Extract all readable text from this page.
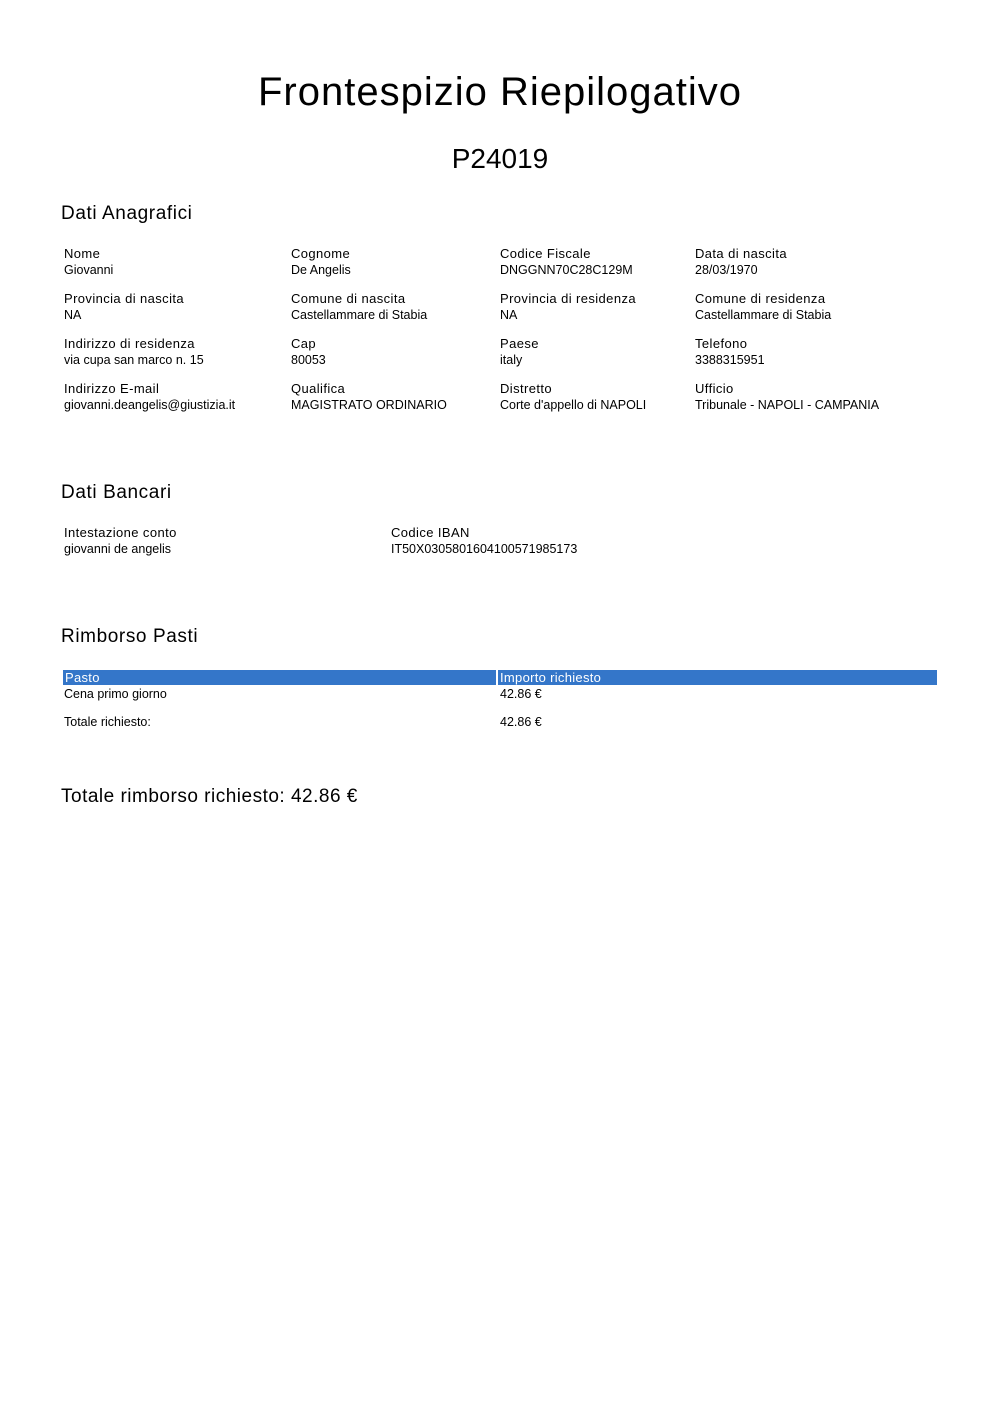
Frontespizio Riepilogativo
P24019
Dati Anagrafici
Nome
Giovanni
Cognome
De Angelis
Codice Fiscale
DNGGNN70C28C129M
Data di nascita
28/03/1970
Provincia di nascita
NA
Comune di nascita
Castellammare di Stabia
Provincia di residenza
NA
Comune di residenza
Castellammare di Stabia
Indirizzo di residenza
via cupa san marco n. 15
Cap
80053
Paese
italy
Telefono
3388315951
Indirizzo E-mail
giovanni.deangelis@giustizia.it
Qualifica
MAGISTRATO ORDINARIO
Distretto
Corte d'appello di NAPOLI
Ufficio
Tribunale - NAPOLI - CAMPANIA
Dati Bancari
Intestazione conto
giovanni de angelis
Codice IBAN
IT50X0305801604100571985173
Rimborso Pasti
Pasto	Importo richiesto
Cena primo giorno	42.86 €
Totale richiesto:	42.86 €
Totale rimborso richiesto: 42.86 €
